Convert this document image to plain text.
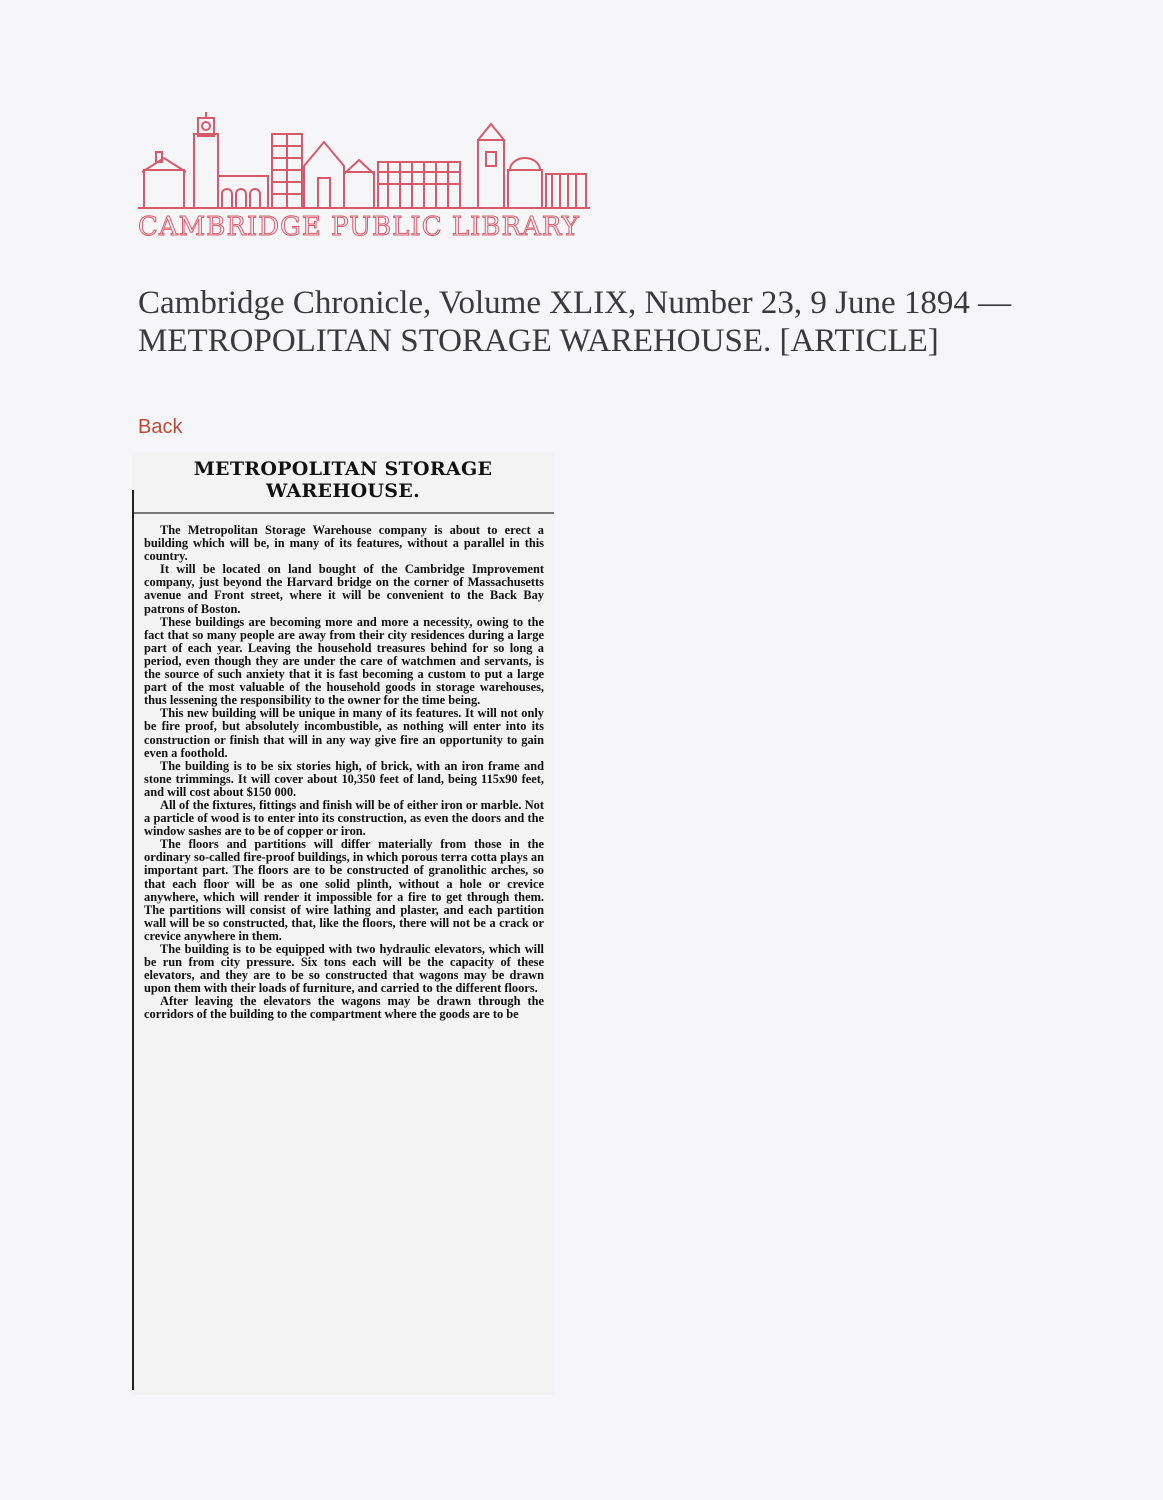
CAMBRIDGE PUBLIC LIBRARY
Cambridge Chronicle, Volume XLIX, Number 23, 9 June 1894 — METROPOLITAN STORAGE WAREHOUSE. [ARTICLE]
Back
METROPOLITAN STORAGE WAREHOUSE.

The Metropolitan Storage Warehouse company is about to erect a building which will be, in many of its features, without a parallel in this country.

It will be located on land bought of the Cambridge Improvement company, just beyond the Harvard bridge on the corner of Massachusetts avenue and Front street, where it will be convenient to the Back Bay patrons of Boston.

These buildings are becoming more and more a necessity, owing to the fact that so many people are away from their city residences during a large part of each year. Leaving the household treasures behind for so long a period, even though they are under the care of watchmen and servants, is the source of such anxiety that it is fast becoming a custom to put a large part of the most valuable of the household goods in storage warehouses, thus lessening the responsibility to the owner for the time being.

This new building will be unique in many of its features. It will not only be fire proof, but absolutely incombustible, as nothing will enter into its construction or finish that will in any way give fire an opportunity to gain even a foothold.

The building is to be six stories high, of brick, with an iron frame and stone trimmings. It will cover about 10,350 feet of land, being 115x90 feet, and will cost about $150 000.

All of the fixtures, fittings and finish will be of either iron or marble. Not a particle of wood is to enter into its construction, as even the doors and the window sashes are to be of copper or iron.

The floors and partitions will differ materially from those in the ordinary so-called fire-proof buildings, in which porous terra cotta plays an important part. The floors are to be constructed of granolithic arches, so that each floor will be as one solid plinth, without a hole or crevice anywhere, which will render it impossible for a fire to get through them. The partitions will consist of wire lathing and plaster, and each partition wall will be so constructed, that, like the floors, there will not be a crack or crevice anywhere in them.

The building is to be equipped with two hydraulic elevators, which will be run from city pressure. Six tons each will be the capacity of these elevators, and they are to be so constructed that wagons may be drawn upon them with their loads of furniture, and carried to the different floors.

After leaving the elevators the wagons may be drawn through the corridors of the building to the compartment where the goods are to be
